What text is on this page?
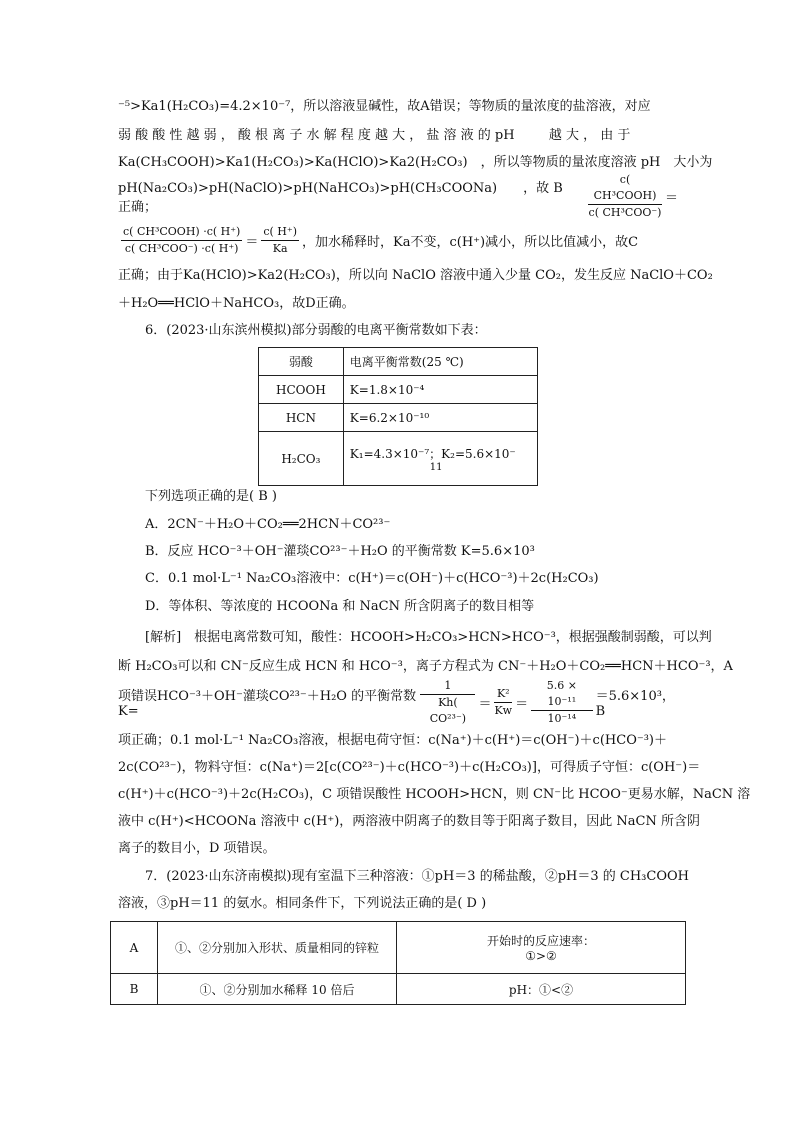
⁻⁵>Ka1(H₂CO₃)=4.2×10⁻⁷，所以溶液显碱性，故A错误；等物质的量浓度的盐溶液，对应
弱 酸 酸 性 越 弱 ， 酸 根 离 子 水 解 程 度 越 大 ， 盐 溶 液 的 pH 　　 越 大 ， 由 于
Ka(CH₃COOH)>Ka1(H₂CO₃)>Ka(HClO)>Ka2(H₂CO₃)　，所以等物质的量浓度溶液 pH　大小为
pH(Na₂CO₃)>pH(NaClO)>pH(NaHCO₃)>pH(CH₃COONa)　　，故 B　　正确；	$\frac{\text{c( CH³COOH)}}{\text{c( CH³COO⁻)}}$ ＝
$\frac{\text{c( CH³COOH) ·c( H⁺)}}{\text{c( CH³COO⁻) ·c( H⁺)}} = \frac{c( H^+)}{Ka}$ ，加水稀释时，Ka不变，c(H⁺)减小，所以比值减小，故C
正确；由于Ka(HClO)>Ka2(H₂CO₃)，所以向 NaClO 溶液中通入少量 CO₂，发生反应 NaClO＋CO₂
＋H₂O══HClO＋NaHCO₃，故D正确。
6．(2023·山东滨州模拟)部分弱酸的电离平衡常数如下表：
弱酸	电离平衡常数(25 ℃)
HCOOH	K=1.8×10⁻⁴
HCN	K=6.2×10⁻¹⁰
H₂CO₃	K₁=4.3×10⁻⁷；K₂=5.6×10⁻
11
下列选项正确的是( B )
A．2CN⁻＋H₂O＋CO₂══2HCN＋CO²³⁻
B．反应 HCO⁻³＋OH⁻灌琰CO²³⁻＋H₂O 的平衡常数 K=5.6×10³
C．0.1 mol·L⁻¹ Na₂CO₃溶液中：c(H⁺)＝c(OH⁻)＋c(HCO⁻³)＋2c(H₂CO₃)
D．等体积、等浓度的 HCOONa 和 NaCN 所含阴离子的数目相等
[解析]　根据电离常数可知，酸性：HCOOH>H₂CO₃>HCN>HCO⁻³，根据强酸制弱酸，可以判
断 H₂CO₃可以和 CN⁻反应生成 HCN 和 HCO⁻³，离子方程式为 CN⁻＋H₂O＋CO₂══HCN＋HCO⁻³，A
项错误HCO⁻³＋OH⁻灌琰CO²³⁻＋H₂O 的平衡常数 K=	$\frac{1}{\text{Kh( CO²³⁻)}} = \frac{\text{K²}}{Kw} = \frac{\text{5.6 × 10⁻¹¹}}{\text{10⁻¹⁴}} =5.6\times 10^3$，B
项正确；0.1 mol·L⁻¹ Na₂CO₃溶液，根据电荷守恒：c(Na⁺)＋c(H⁺)＝c(OH⁻)＋c(HCO⁻³)＋
2c(CO²³⁻)，物料守恒：c(Na⁺)＝2[c(CO²³⁻)＋c(HCO⁻³)＋c(H₂CO₃)]，可得质子守恒：c(OH⁻)＝
c(H⁺)＋c(HCO⁻³)＋2c(H₂CO₃)，C 项错误酸性 HCOOH>HCN，则 CN⁻比 HCOO⁻更易水解，NaCN 溶
液中 c(H⁺)<HCOONa 溶液中 c(H⁺)，两溶液中阴离子的数目等于阳离子数目，因此 NaCN 所含阴
离子的数目小，D 项错误。
7．(2023·山东济南模拟)现有室温下三种溶液：①pH＝3 的稀盐酸，②pH＝3 的 CH₃COOH
溶液，③pH＝11 的氨水。相同条件下，下列说法正确的是( D )
A	①、②分别加入形状、质量相同的锌粒	开始时的反应速率：
①>②

B	①、②分别加水稀释 10 倍后	pH：①<②
